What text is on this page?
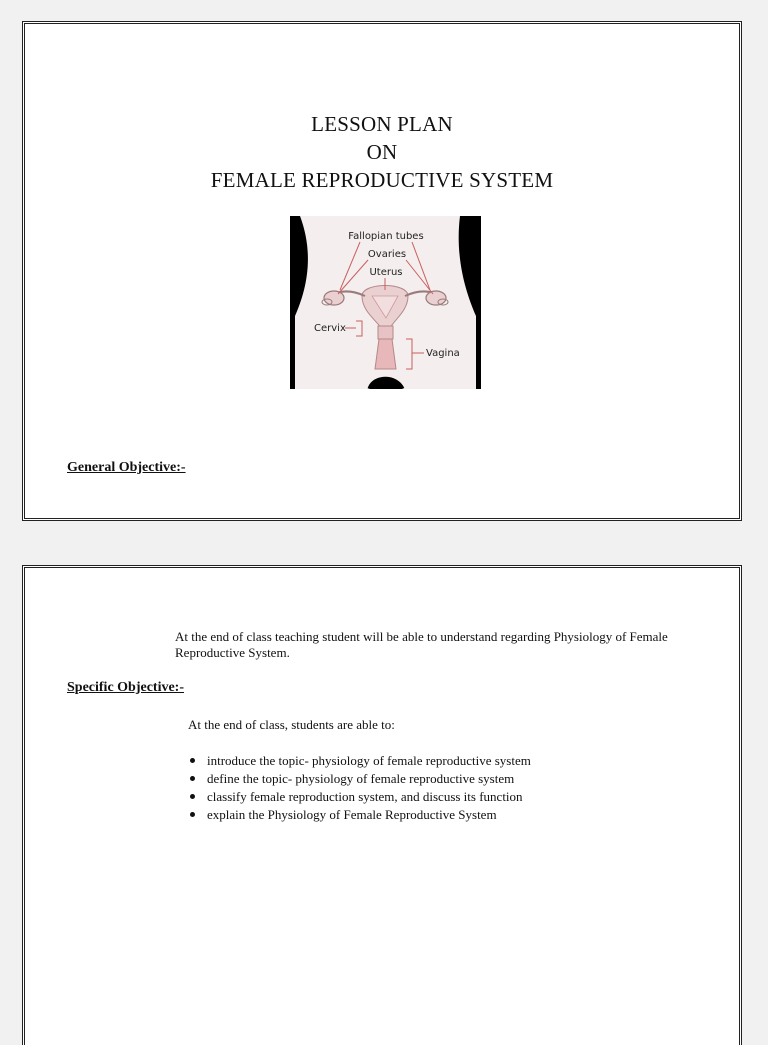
LESSON PLAN
ON
FEMALE REPRODUCTIVE SYSTEM
Fallopian tubes
Ovaries
Uterus
Cervix
Vagina
General Objective:-
At the end of class teaching student will be able to understand regarding Physiology of Female Reproductive System.
Specific Objective:-
At the end of class, students are able to:
introduce the topic- physiology of female reproductive system
define the topic- physiology of female reproductive system
classify female reproduction system, and discuss its function
explain the Physiology of Female Reproductive System
